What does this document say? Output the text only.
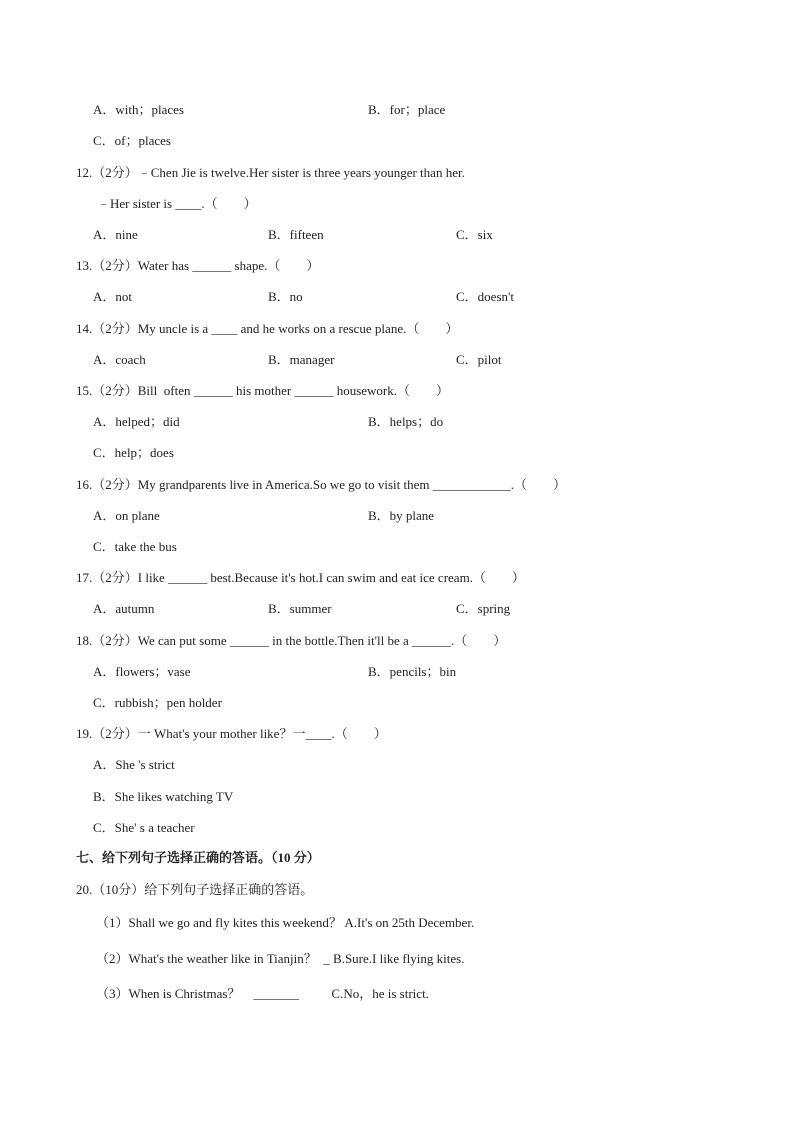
A．with；places	B．for；place
C．of；places
12.（2分）﹣Chen Jie is twelve.Her sister is three years younger than her.
﹣Her sister is ____.（　　）
A．nine	B．fifteen	C．six
13.（2分）Water has ______ shape.（　　）
A．not	B．no	C．doesn't
14.（2分）My uncle is a ____ and he works on a rescue plane.（　　）
A．coach	B．manager	C．pilot
15.（2分）Bill  often ______ his mother ______ housework.（　　）
A．helped；did	B．helps；do
C．help；does
16.（2分）My grandparents live in America.So we go to visit them ____________.（　　）
A．on plane	B．by plane
C．take the bus
17.（2分）I like ______ best.Because it's hot.I can swim and eat ice cream.（　　）
A．autumn	B．summer	C．spring
18.（2分）We can put some ______ in the bottle.Then it'll be a ______.（　　）
A．flowers；vase	B．pencils；bin
C．rubbish；pen holder
19.（2分）一 What's your mother like？一____.（　　）
A．She 's strict
B．She likes watching TV
C．She' s a teacher
七、给下列句子选择正确的答语。（10 分）
20.（10分）给下列句子选择正确的答语。
（1）Shall we go and fly kites this weekend？ A.It's on 25th December.
（2）What's the weather like in Tianjin？  _ B.Sure.I like flying kites.
（3）When is Christmas？    _______          C.No，he is strict.
